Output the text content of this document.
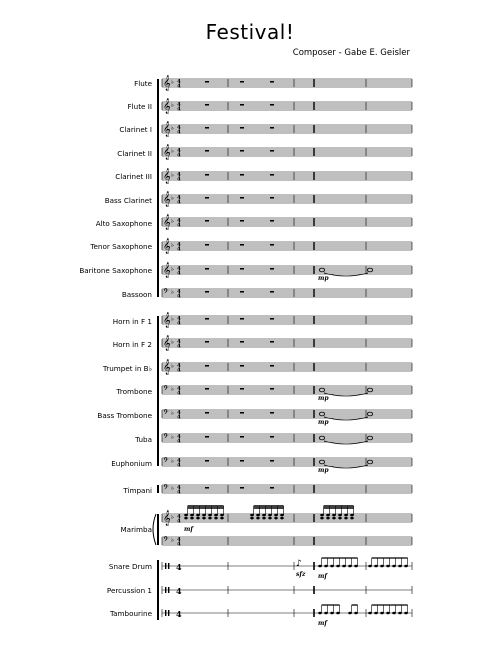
Festival!
Composer - Gabe E. Geisler
Flute
Flute II
Clarinet I
Clarinet II
Clarinet III
Bass Clarinet
Alto Saxophone
Tenor Saxophone
Baritone Saxophone
Bassoon
Horn in F 1
Horn in F 2
Trumpet in B♭
Trombone
Bass Trombone
Tuba
Euphonium
Timpani
Marimba
Snare Drum
Percussion 1
Tambourine
𝄞 ♭ 4
4
𝄞 ♭ 4
4
𝄞 ♭ 4
4
𝄞 ♭ 4
4
𝄞 ♭ 4
4
𝄞 ♭ 4
4
𝄞 ♭ 4
4
𝄞 ♭ 4
4
𝄞 ♭ 4
4
𝄢 ♭ 4
4
𝄞 ♭ 4
4
𝄞 ♭ 4
4
𝄞 ♭ 4
4
𝄢 ♭ 4
4
𝄢 ♭ 4
4
𝄢 ♭ 4
4
𝄢 ♭ 4
4
𝄢 ♭ 4
4
𝄞 ♭ 4
4
𝄢 ♭ 4
4
4
4
4
mp
mp
mp
mp
mf
mf
sfz
♪
mf
